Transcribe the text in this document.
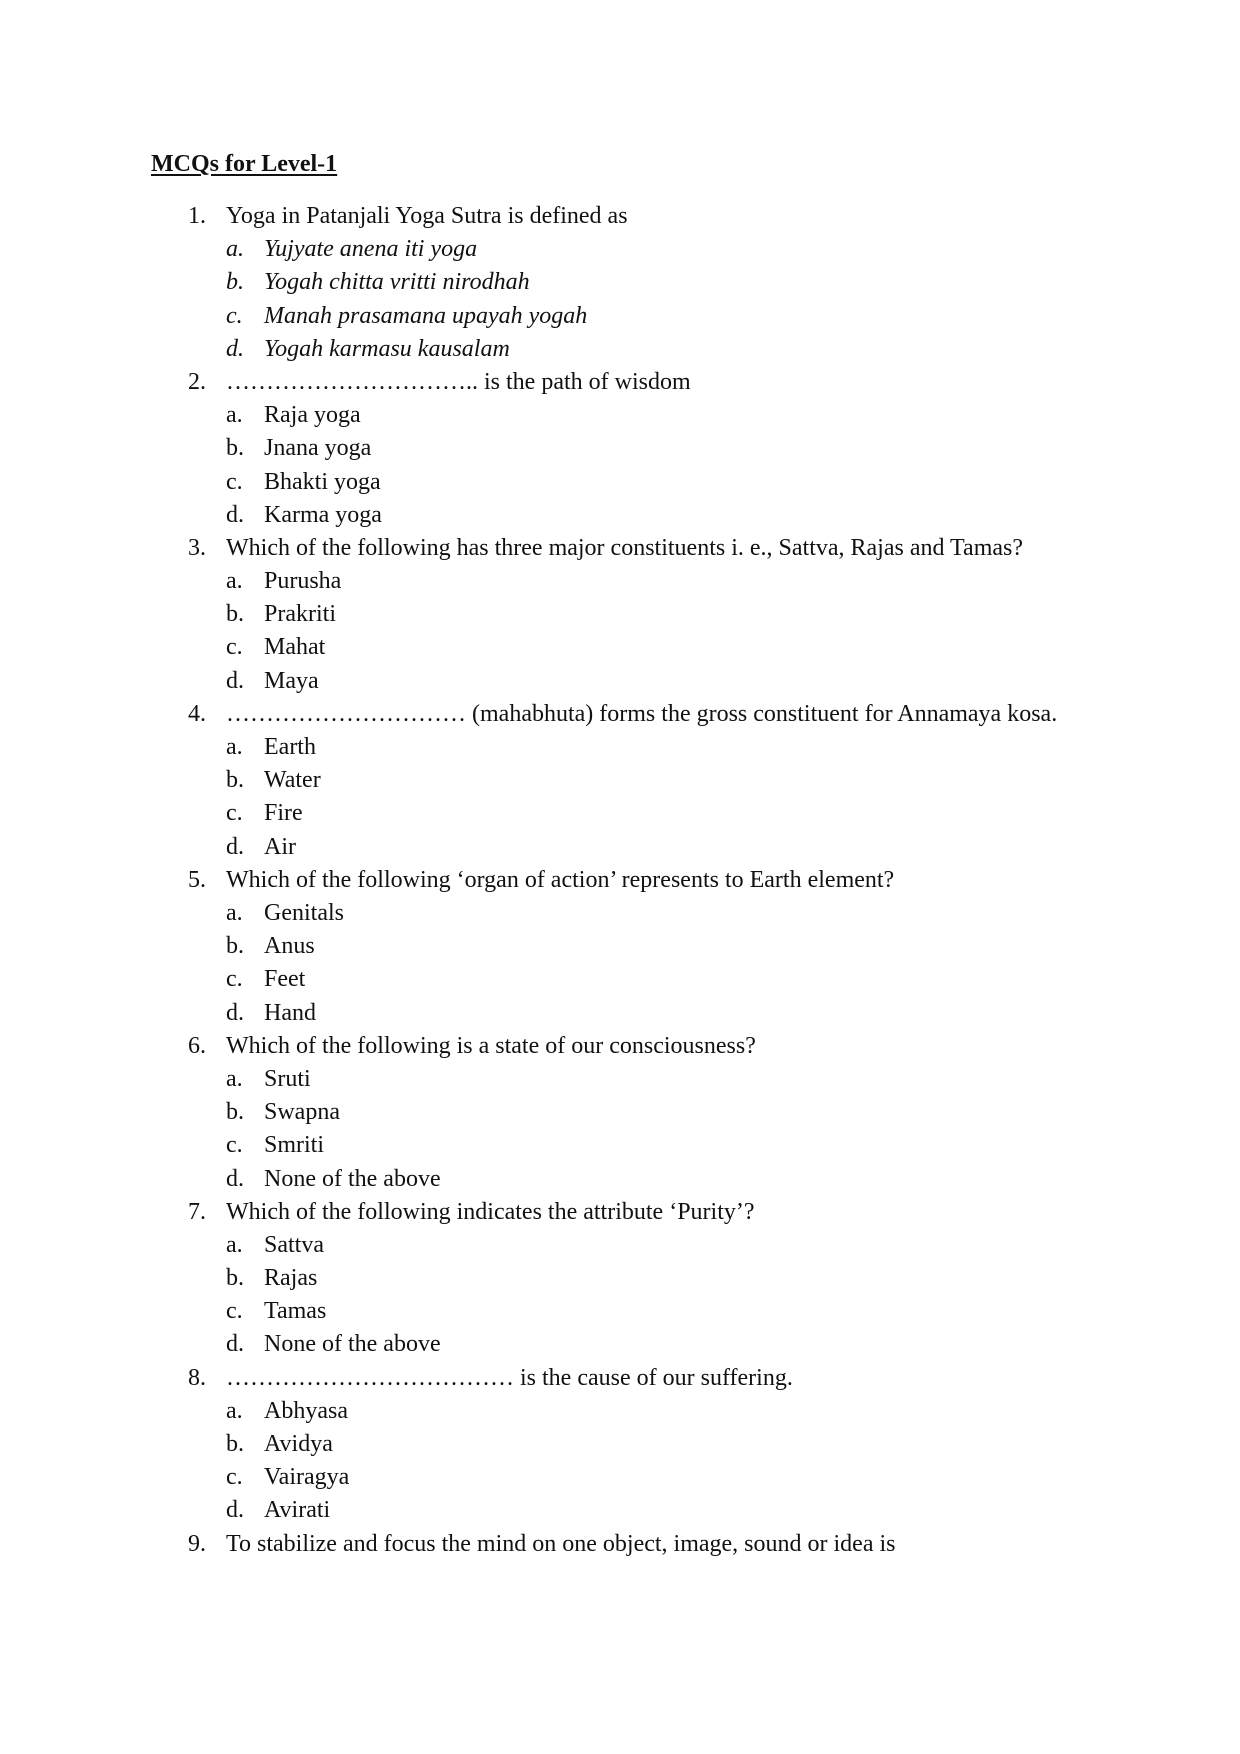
MCQs for Level-1
1. Yoga in Patanjali Yoga Sutra is defined as
a. Yujyate anena iti yoga
b. Yogah chitta vritti nirodhah
c. Manah prasamana upayah yogah
d. Yogah karmasu kausalam
2. ………………………….. is the path of wisdom
a. Raja yoga
b. Jnana yoga
c. Bhakti yoga
d. Karma yoga
3. Which of the following has three major constituents i. e., Sattva, Rajas and Tamas?
a. Purusha
b. Prakriti
c. Mahat
d. Maya
4. ………………………… (mahabhuta) forms the gross constituent for Annamaya kosa.
a. Earth
b. Water
c. Fire
d. Air
5. Which of the following ‘organ of action’ represents to Earth element?
a. Genitals
b. Anus
c. Feet
d. Hand
6. Which of the following is a state of our consciousness?
a. Sruti
b. Swapna
c. Smriti
d. None of the above
7. Which of the following indicates the attribute ‘Purity’?
a. Sattva
b. Rajas
c. Tamas
d. None of the above
8. ……………………………… is the cause of our suffering.
a. Abhyasa
b. Avidya
c. Vairagya
d. Avirati
9. To stabilize and focus the mind on one object, image, sound or idea is
